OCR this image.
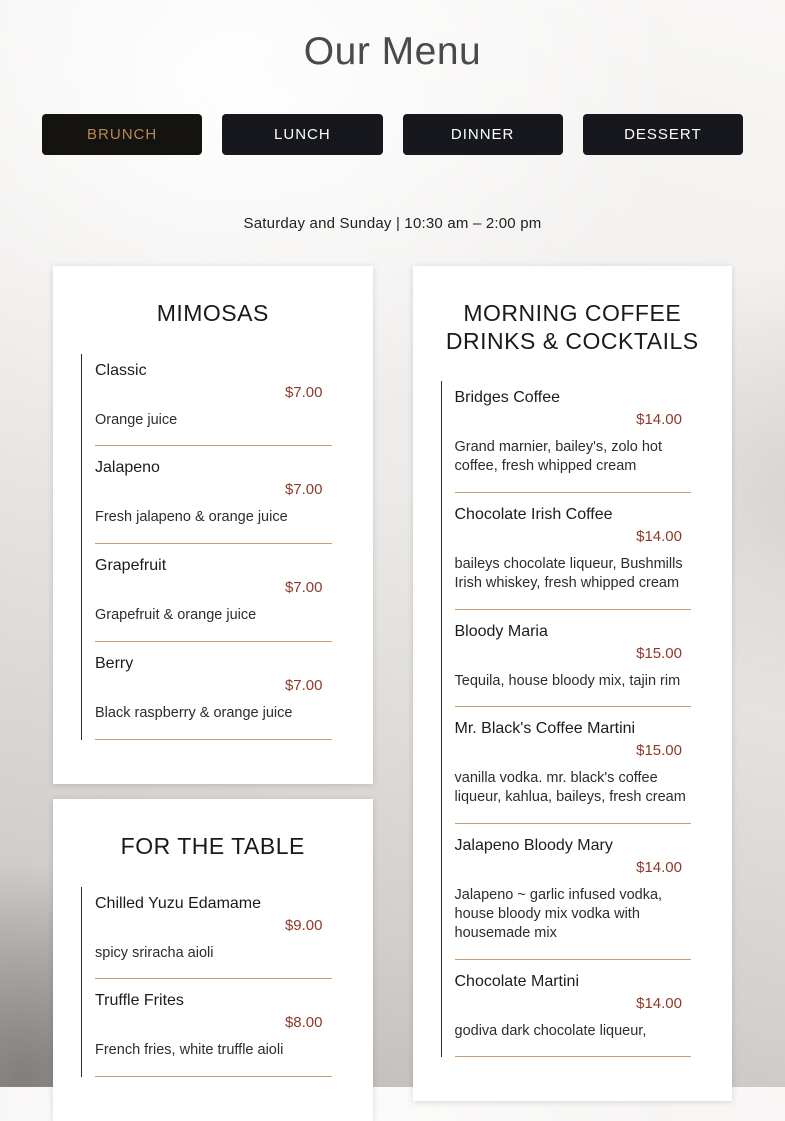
Our Menu
BRUNCH	LUNCH	DINNER	DESSERT

Saturday and Sunday | 10:30 am – 2:00 pm

MIMOSAS
Classic
$7.00
Orange juice
Jalapeno
$7.00
Fresh jalapeno & orange juice
Grapefruit
$7.00
Grapefruit & orange juice
Berry
$7.00
Black raspberry & orange juice
FOR THE TABLE
Chilled Yuzu Edamame
$9.00
spicy sriracha aioli
Truffle Frites
$8.00
French fries, white truffle aioli
MORNING COFFEE DRINKS & COCKTAILS
Bridges Coffee
$14.00
Grand marnier, bailey's, zolo hot coffee, fresh whipped cream
Chocolate Irish Coffee
$14.00
baileys chocolate liqueur, Bushmills Irish whiskey, fresh whipped cream
Bloody Maria
$15.00
Tequila, house bloody mix, tajin rim
Mr. Black's Coffee Martini
$15.00
vanilla vodka. mr. black's coffee liqueur, kahlua, baileys, fresh cream
Jalapeno Bloody Mary
$14.00
Jalapeno ~ garlic infused vodka, house bloody mix vodka with housemade mix
Chocolate Martini
$14.00
godiva dark chocolate liqueur,
